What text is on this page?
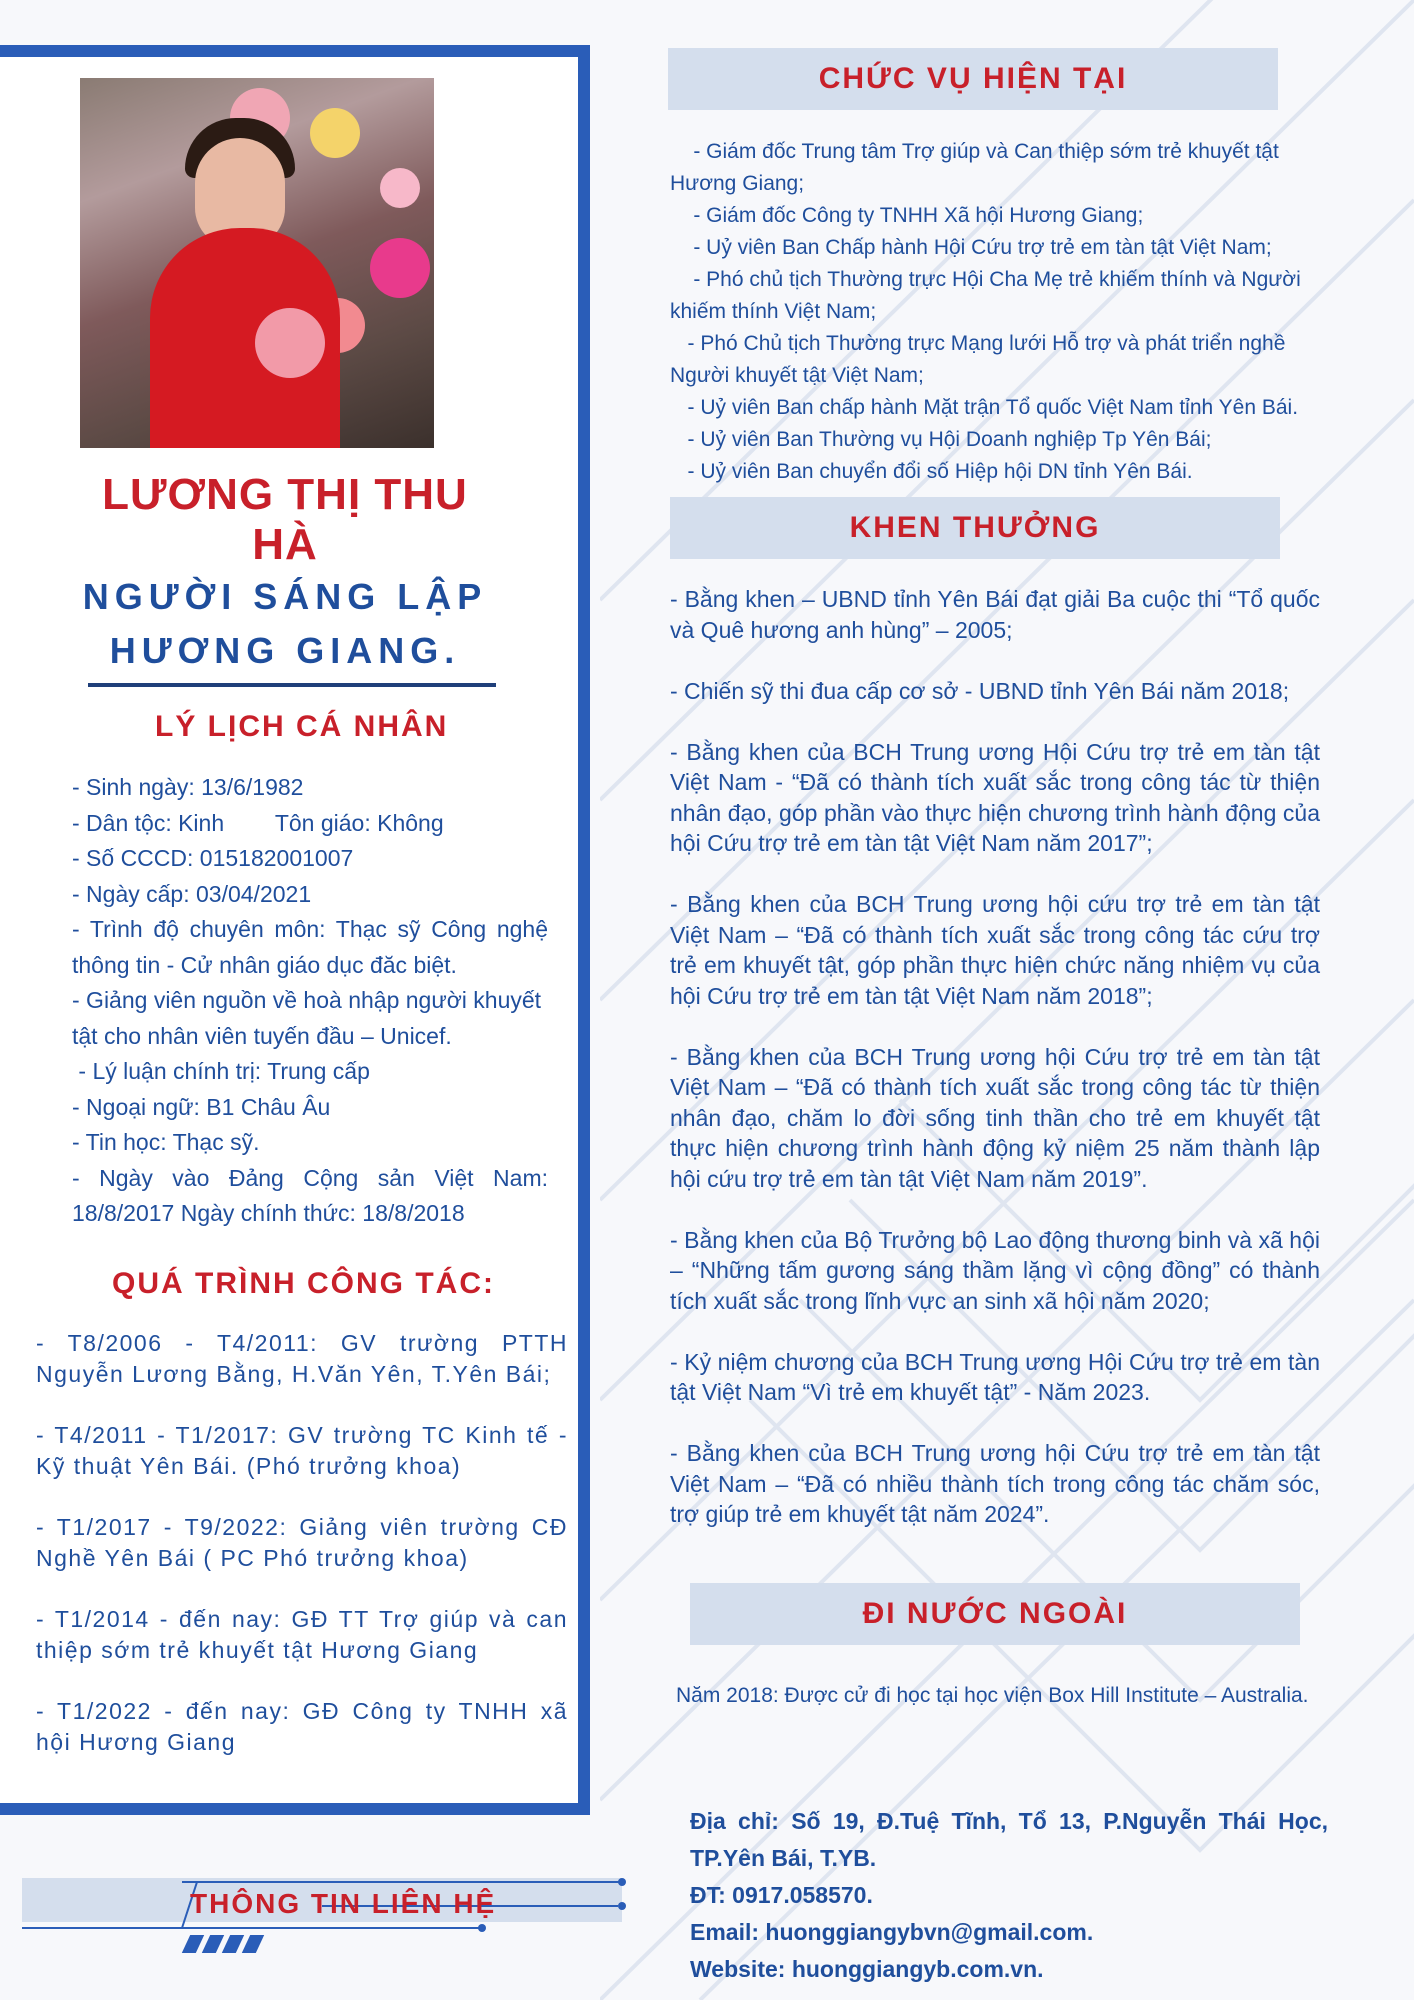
LƯƠNG THỊ THU HÀ
NGƯỜI SÁNG LẬP
HƯƠNG GIANG.
LÝ LỊCH CÁ NHÂN

- Sinh ngày: 13/6/1982

- Dân tộc: Kinh        Tôn giáo: Không

- Số CCCD: 015182001007

- Ngày cấp: 03/04/2021

- Trình độ chuyên môn: Thạc sỹ Công nghệ thông tin - Cử nhân giáo dục đăc biệt.

- Giảng viên nguồn về hoà nhập người khuyết tật cho nhân viên tuyến đầu – Unicef.

- Lý luận chính trị: Trung cấp

- Ngoại ngữ: B1 Châu Âu

- Tin học: Thạc sỹ.

- Ngày vào Đảng Cộng sản Việt Nam: 18/8/2017 Ngày chính thức: 18/8/2018

QUÁ TRÌNH CÔNG TÁC:

- T8/2006 - T4/2011: GV trường PTTH Nguyễn Lương Bằng, H.Văn Yên, T.Yên Bái;

- T4/2011 - T1/2017: GV trường TC Kinh tế - Kỹ thuật Yên Bái. (Phó trưởng khoa)

- T1/2017 - T9/2022: Giảng viên trường CĐ Nghề Yên Bái ( PC Phó trưởng khoa)

- T1/2014 - đến nay: GĐ TT Trợ giúp và can thiệp sớm trẻ khuyết tật Hương Giang

- T1/2022 - đến nay: GĐ Công ty TNHH xã hội Hương Giang

CHỨC VỤ HIỆN TẠI

- Giám đốc Trung tâm Trợ giúp và Can thiệp sớm trẻ khuyết tật Hương Giang;

- Giám đốc Công ty TNHH Xã hội Hương Giang;

- Uỷ viên Ban Chấp hành Hội Cứu trợ trẻ em tàn tật Việt Nam;

- Phó chủ tịch Thường trực Hội Cha Mẹ trẻ khiếm thính và Người khiếm thính Việt Nam;

- Phó Chủ tịch Thường trực Mạng lưới Hỗ trợ và phát triển nghề Người khuyết tật Việt Nam;

- Uỷ viên Ban chấp hành Mặt trận Tổ quốc Việt Nam tỉnh Yên Bái.

- Uỷ viên Ban Thường vụ Hội Doanh nghiệp Tp Yên Bái;

- Uỷ viên Ban chuyển đổi số Hiệp hội DN tỉnh Yên Bái.

KHEN THƯỞNG

- Bằng khen – UBND tỉnh Yên Bái đạt giải Ba cuộc thi “Tổ quốc và Quê hương anh hùng” – 2005;

- Chiến sỹ thi đua cấp cơ sở - UBND tỉnh Yên Bái năm 2018;

- Bằng khen của BCH Trung ương Hội Cứu trợ trẻ em tàn tật Việt Nam - “Đã có thành tích xuất sắc trong công tác từ thiện nhân đạo, góp phần vào thực hiện chương trình hành động của hội Cứu trợ trẻ em tàn tật Việt Nam năm 2017”;

- Bằng khen của BCH Trung ương hội cứu trợ trẻ em tàn tật Việt Nam – “Đã có thành tích xuất sắc trong công tác cứu trợ trẻ em khuyết tật, góp phần thực hiện chức năng nhiệm vụ của hội Cứu trợ trẻ em tàn tật Việt Nam năm 2018”;

- Bằng khen của BCH Trung ương hội Cứu trợ trẻ em tàn tật Việt Nam – “Đã có thành tích xuất sắc trong công tác từ thiện nhân đạo, chăm lo đời sống tinh thần cho trẻ em khuyết tật thực hiện chương trình hành động kỷ niệm 25 năm thành lập hội cứu trợ trẻ em tàn tật Việt Nam năm 2019”.

- Bằng khen của Bộ Trưởng bộ Lao động thương binh và xã hội – “Những tấm gương sáng thầm lặng vì cộng đồng” có thành tích xuất sắc trong lĩnh vực an sinh xã hội năm 2020;

- Kỷ niệm chương của BCH Trung ương Hội Cứu trợ trẻ em tàn tật Việt Nam “Vì trẻ em khuyết tật” - Năm 2023.

- Bằng khen của BCH Trung ương hội Cứu trợ trẻ em tàn tật Việt Nam – “Đã có nhiều thành tích trong công tác chăm sóc, trợ giúp trẻ em khuyết tật năm 2024”.

ĐI NƯỚC NGOÀI
Năm 2018: Được cử đi học tại học viện Box Hill Institute – Australia.

Địa chỉ: Số 19, Đ.Tuệ Tĩnh, Tổ 13, P.Nguyễn Thái Học, TP.Yên Bái, T.YB.

ĐT: 0917.058570.

Email: huonggiangybvn@gmail.com.

Website: huonggiangyb.com.vn.

THÔNG TIN LIÊN HỆ
